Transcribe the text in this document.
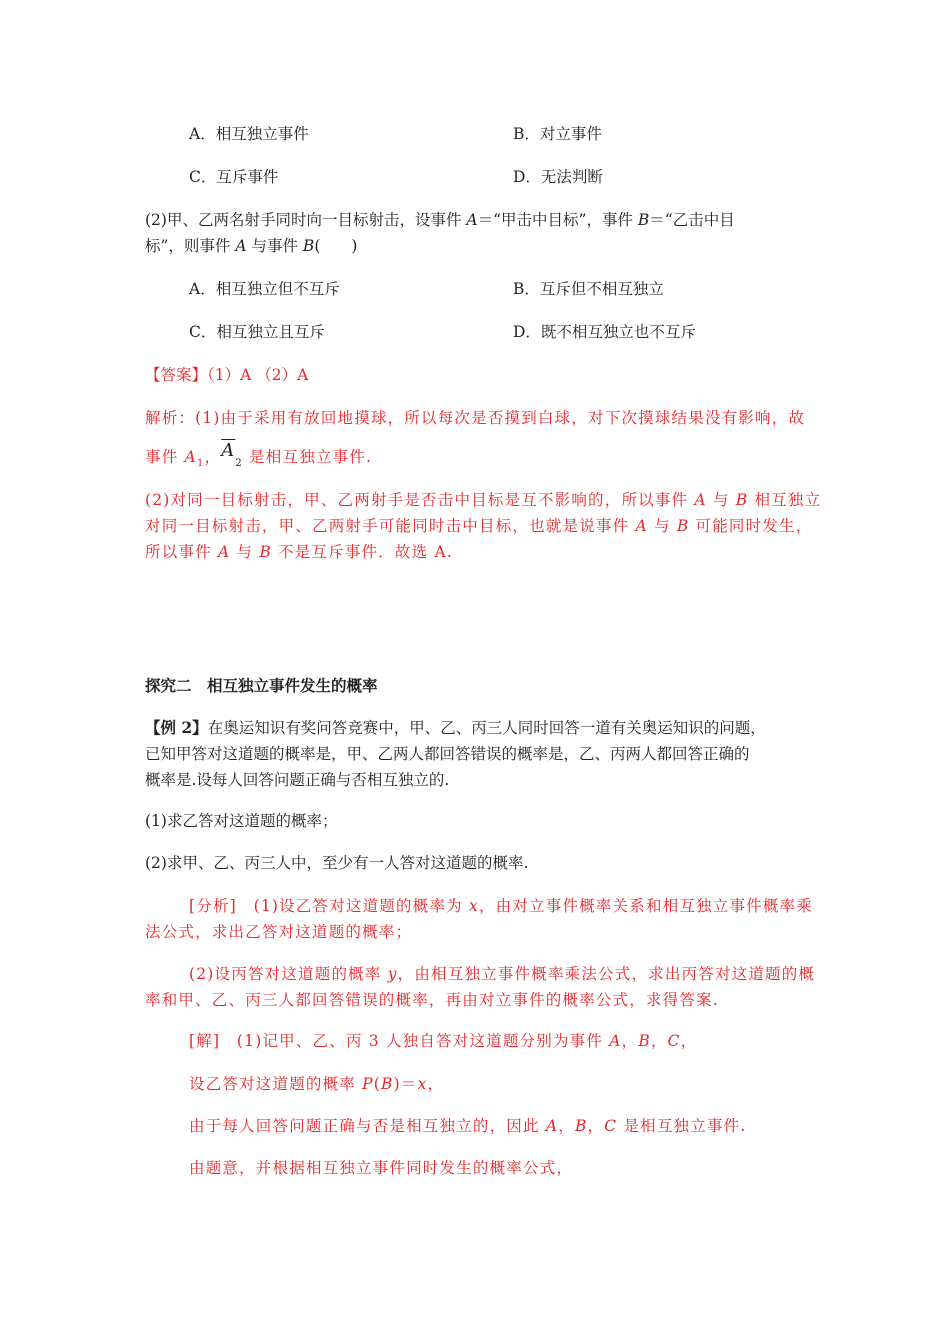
A．相互独立事件	B．对立事件
C．互斥事件	D．无法判断
(2)甲、乙两名射手同时向一目标射击，设事件 A＝“甲击中目标”，事件 B＝“乙击中目
标”，则事件 A 与事件 B(　　)
A．相互独立但不互斥	B．互斥但不相互独立
C．相互独立且互斥	D．既不相互独立也不互斥
【答案】（1）A （2）A
解析：(1)由于采用有放回地摸球，所以每次是否摸到白球，对下次摸球结果没有影响，故
事件 $A_1$，$\overline{A}_2$ 是相互独立事件.
(2)对同一目标射击，甲、乙两射手是否击中目标是互不影响的，所以事件 A 与 B 相互独立
对同一目标射击，甲、乙两射手可能同时击中目标，也就是说事件 A 与 B 可能同时发生，
所以事件 A 与 B 不是互斥事件．故选 A.
探究二　相互独立事件发生的概率
【例 2】在奥运知识有奖问答竞赛中，甲、乙、丙三人同时回答一道有关奥运知识的问题，
已知甲答对这道题的概率是，甲、乙两人都回答错误的概率是，乙、丙两人都回答正确的
概率是.设每人回答问题正确与否相互独立的.
(1)求乙答对这道题的概率；
(2)求甲、乙、丙三人中，至少有一人答对这道题的概率.
[分析]　(1)设乙答对这道题的概率为 x，由对立事件概率关系和相互独立事件概率乘
法公式，求出乙答对这道题的概率；
(2)设丙答对这道题的概率 y，由相互独立事件概率乘法公式，求出丙答对这道题的概
率和甲、乙、丙三人都回答错误的概率，再由对立事件的概率公式，求得答案.
[解]　(1)记甲、乙、丙 3 人独自答对这道题分别为事件 A，B，C，
设乙答对这道题的概率 P(B)＝x，
由于每人回答问题正确与否是相互独立的，因此 A，B，C 是相互独立事件.
由题意，并根据相互独立事件同时发生的概率公式，
